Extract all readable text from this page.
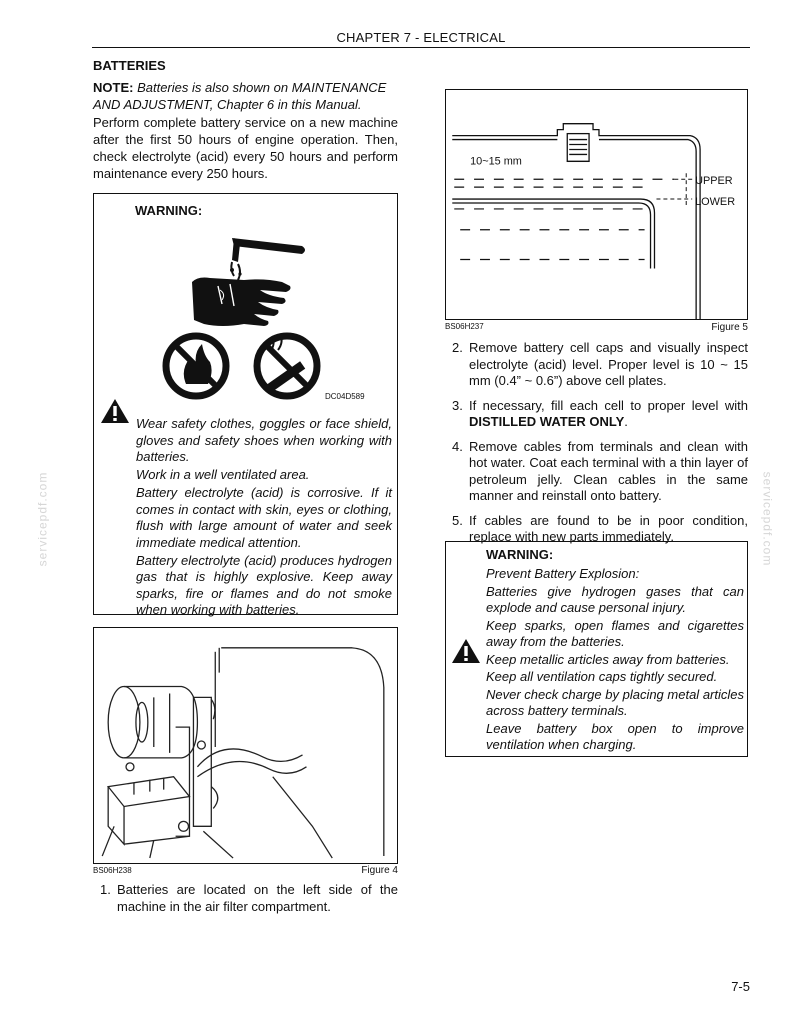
CHAPTER 7 - ELECTRICAL
BATTERIES
NOTE: Batteries is also shown on MAINTENANCE AND ADJUSTMENT, Chapter 6 in this Manual.
Perform complete battery service on a new machine after the first 50 hours of engine operation. Then, check electrolyte (acid) every 50 hours and perform maintenance every 250 hours.
WARNING:
DC04D589

Wear safety clothes, goggles or face shield, gloves and safety shoes when working with batteries.

Work in a well ventilated area.

Battery electrolyte (acid) is corrosive. If it comes in contact with skin, eyes or clothing, flush with large amount of water and seek immediate medical attention.

Battery electrolyte (acid) produces hydrogen gas that is highly explosive. Keep away sparks, fire or flames and do not smoke when working with batteries.

BS06H238	Figure 4
1. Batteries are located on the left side of the machine in the air filter compartment.
10~15 mm
UPPER
LOWER
BS06H237	Figure 5
2. Remove battery cell caps and visually inspect electrolyte (acid) level. Proper level is 10 ~ 15 mm (0.4” ~ 0.6”) above cell plates.
3. If necessary, fill each cell to proper level with DISTILLED WATER ONLY.
4. Remove cables from terminals and clean with hot water. Coat each terminal with a thin layer of petroleum jelly. Clean cables in the same manner and reinstall onto battery.
5. If cables are found to be in poor condition, replace with new parts immediately.
WARNING:

Prevent Battery Explosion:

Batteries give hydrogen gases that can explode and cause personal injury.

Keep sparks, open flames and cigarettes away from the batteries.

Keep metallic articles away from batteries.

Keep all ventilation caps tightly secured.

Never check charge by placing metal articles across battery terminals.

Leave battery box open to improve ventilation when charging.

servicepdf.com	servicepdf.com
7-5
